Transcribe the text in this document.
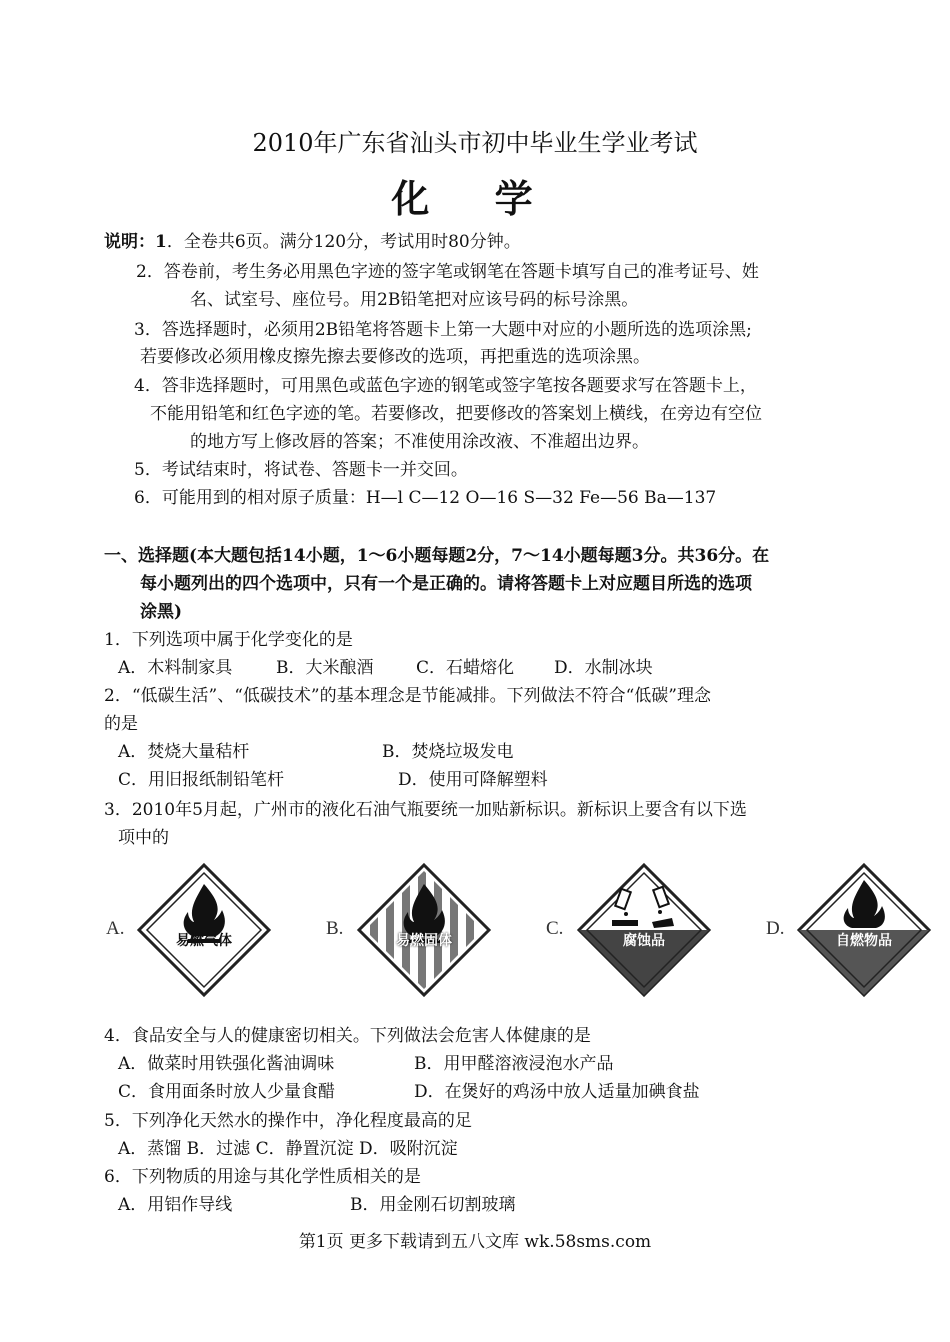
2010年广东省汕头市初中毕业生学业考试
化 学
说明：1．全卷共6页。满分120分，考试用时80分钟。
2．答卷前，考生务必用黑色字迹的签字笔或钢笔在答题卡填写自己的准考证号、姓
名、试室号、座位号。用2B铅笔把对应该号码的标号涂黑。
3．答选择题时，必须用2B铅笔将答题卡上第一大题中对应的小题所选的选项涂黑;
若要修改必须用橡皮擦先擦去要修改的选项，再把重选的选项涂黑。
4．答非选择题时，可用黑色或蓝色字迹的钢笔或签字笔按各题要求写在答题卡上，
不能用铅笔和红色字迹的笔。若要修改，把要修改的答案划上横线，在旁边有空位
的地方写上修改唇的答案；不准使用涂改液、不准超出边界。
5．考试结束时，将试卷、答题卡一并交回。
6．可能用到的相对原子质量：H—l C—12 O—16 S—32 Fe—56 Ba—137
一、选择题(本大题包括14小题，1～6小题每题2分，7～14小题每题3分。共36分。在
每小题列出的四个选项中，只有一个是正确的。请将答题卡上对应题目所选的选项
涂黑)
1．下列选项中属于化学变化的是
A．木料制家具	B．大米酿酒	C．石蜡熔化 D．水制冰块
2．“低碳生活”、“低碳技术”的基本理念是节能减排。下列做法不符合“低碳”理念
的是
A．焚烧大量秸杆	B．焚烧垃圾发电
C．用旧报纸制铅笔杆	D．使用可降解塑料
3．2010年5月起，广州市的液化石油气瓶要统一加贴新标识。新标识上要含有以下选
项中的
A.
易燃气体
B.
易燃固体
C.
腐蚀品
D.
自燃物品
4．食品安全与人的健康密切相关。下列做法会危害人体健康的是
A．做菜时用铁强化酱油调味	B．用甲醛溶液浸泡水产品
C．食用面条时放人少量食醋	D．在煲好的鸡汤中放人适量加碘食盐
5．下列净化天然水的操作中，净化程度最高的足
A．蒸馏 B．过滤 C．静置沉淀 D．吸附沉淀
6．下列物质的用途与其化学性质相关的是
A．用铝作导线	B．用金刚石切割玻璃
第1页 更多下载请到五八文库 wk.58sms.com
